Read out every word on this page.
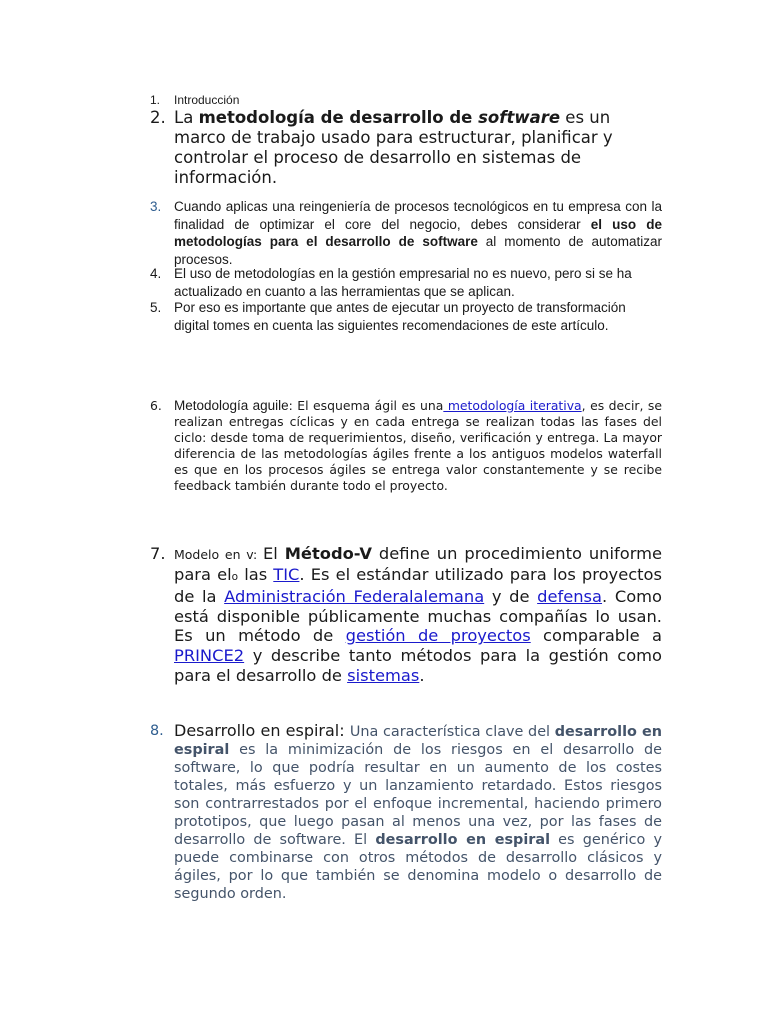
1.	Introducción
2. La metodología de desarrollo de software es un marco de trabajo usado para estructurar, planificar y controlar el proceso de desarrollo en sistemas de información.
3. Cuando aplicas una reingeniería de procesos tecnológicos en tu empresa con la finalidad de optimizar el core del negocio, debes considerar el uso de metodologías para el desarrollo de software al momento de automatizar procesos.
4. El uso de metodologías en la gestión empresarial no es nuevo, pero si se ha actualizado en cuanto a las herramientas que se aplican.
5. Por eso es importante que antes de ejecutar un proyecto de transformación digital tomes en cuenta las siguientes recomendaciones de este artículo.
6. Metodología aguile: El esquema ágil es una metodología iterativa, es decir, se realizan entregas cíclicas y en cada entrega se realizan todas las fases del ciclo: desde toma de requerimientos, diseño, verificación y entrega. La mayor diferencia de las metodologías ágiles frente a los antiguos modelos waterfall es que en los procesos ágiles se entrega valor constantemente y se recibe feedback también durante todo el proyecto.
7. Modelo en v: El Método-V define un procedimiento uniforme para elo las TIC. Es el estándar utilizado para los proyectos de la Administración Federalalemana y de defensa. Como está disponible públicamente muchas compañías lo usan. Es un método de gestión de proyectos comparable a PRINCE2 y describe tanto métodos para la gestión como para el desarrollo de sistemas.
8. Desarrollo en espiral: Una característica clave del desarrollo en espiral es la minimización de los riesgos en el desarrollo de software, lo que podría resultar en un aumento de los costes totales, más esfuerzo y un lanzamiento retardado. Estos riesgos son contrarrestados por el enfoque incremental, haciendo primero prototipos, que luego pasan al menos una vez, por las fases de desarrollo de software. El desarrollo en espiral es genérico y puede combinarse con otros métodos de desarrollo clásicos y ágiles, por lo que también se denomina modelo o desarrollo de segundo orden.
